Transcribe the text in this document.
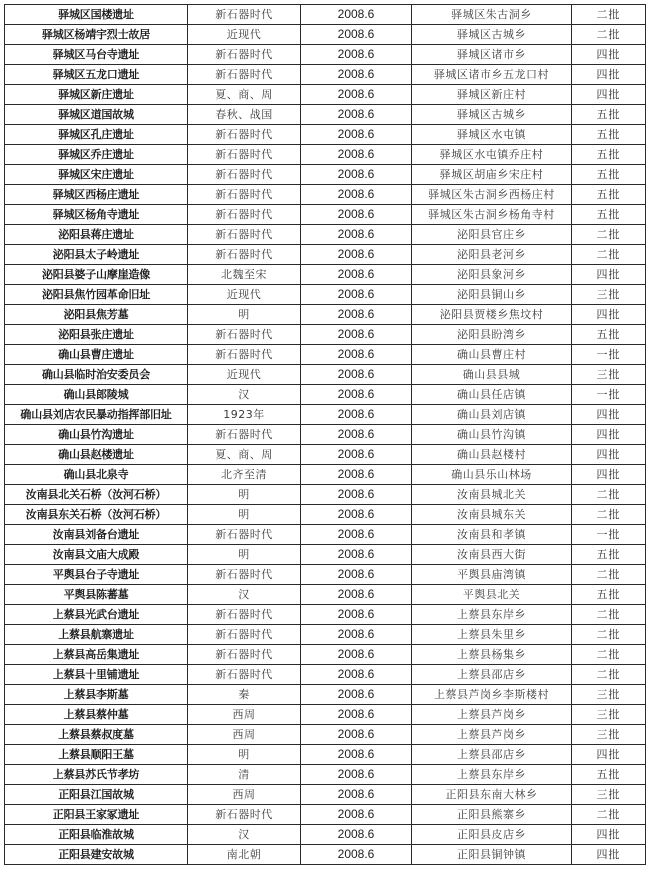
驿城区国楼遗址	新石器时代	2008.6	驿城区朱古洞乡	二批
驿城区杨靖宇烈士故居	近现代	2008.6	驿城区古城乡	二批
驿城区马台寺遗址	新石器时代	2008.6	驿城区诸市乡	四批
驿城区五龙口遗址	新石器时代	2008.6	驿城区诸市乡五龙口村	四批
驿城区新庄遗址	夏、商、周	2008.6	驿城区新庄村	四批
驿城区道国故城	春秋、战国	2008.6	驿城区古城乡	五批
驿城区孔庄遗址	新石器时代	2008.6	驿城区水屯镇	五批
驿城区乔庄遗址	新石器时代	2008.6	驿城区水屯镇乔庄村	五批
驿城区宋庄遗址	新石器时代	2008.6	驿城区胡庙乡宋庄村	五批
驿城区西杨庄遗址	新石器时代	2008.6	驿城区朱古洞乡西杨庄村	五批
驿城区杨角寺遗址	新石器时代	2008.6	驿城区朱古洞乡杨角寺村	五批
泌阳县蒋庄遗址	新石器时代	2008.6	泌阳县官庄乡	二批
泌阳县太子岭遗址	新石器时代	2008.6	泌阳县老河乡	二批
泌阳县婆子山摩崖造像	北魏至宋	2008.6	泌阳县象河乡	四批
泌阳县焦竹园革命旧址	近现代	2008.6	泌阳县铜山乡	三批
泌阳县焦芳墓	明	2008.6	泌阳县贾楼乡焦坟村	四批
泌阳县张庄遗址	新石器时代	2008.6	泌阳县盼湾乡	五批
确山县曹庄遗址	新石器时代	2008.6	确山县曹庄村	一批
确山县临时治安委员会	近现代	2008.6	确山县县城	三批
确山县郎陵城	汉	2008.6	确山县任店镇	一批
确山县刘店农民暴动指挥部旧址	1923年	2008.6	确山县刘店镇	四批
确山县竹沟遗址	新石器时代	2008.6	确山县竹沟镇	四批
确山县赵楼遗址	夏、商、周	2008.6	确山县赵楼村	四批
确山县北泉寺	北齐至清	2008.6	确山县乐山林场	四批
汝南县北关石桥（汝河石桥）	明	2008.6	汝南县城北关	二批
汝南县东关石桥（汝河石桥）	明	2008.6	汝南县城东关	二批
汝南县刘备台遗址	新石器时代	2008.6	汝南县和孝镇	一批
汝南县文庙大成殿	明	2008.6	汝南县西大街	五批
平舆县台子寺遗址	新石器时代	2008.6	平舆县庙湾镇	二批
平舆县陈蕃墓	汉	2008.6	平舆县北关	五批
上蔡县光武台遗址	新石器时代	2008.6	上蔡县东岸乡	二批
上蔡县航寨遗址	新石器时代	2008.6	上蔡县朱里乡	二批
上蔡县高岳集遗址	新石器时代	2008.6	上蔡县杨集乡	二批
上蔡县十里铺遗址	新石器时代	2008.6	上蔡县邵店乡	二批
上蔡县李斯墓	秦	2008.6	上蔡县芦岗乡李斯楼村	三批
上蔡县蔡仲墓	西周	2008.6	上蔡县芦岗乡	三批
上蔡县蔡叔度墓	西周	2008.6	上蔡县芦岗乡	三批
上蔡县顺阳王墓	明	2008.6	上蔡县邵店乡	四批
上蔡县苏氏节孝坊	清	2008.6	上蔡县东岸乡	五批
正阳县江国故城	西周	2008.6	正阳县东南大林乡	三批
正阳县王家冢遗址	新石器时代	2008.6	正阳县熊寨乡	二批
正阳县临淮故城	汉	2008.6	正阳县皮店乡	四批
正阳县建安故城	南北朝	2008.6	正阳县铜钟镇	四批
